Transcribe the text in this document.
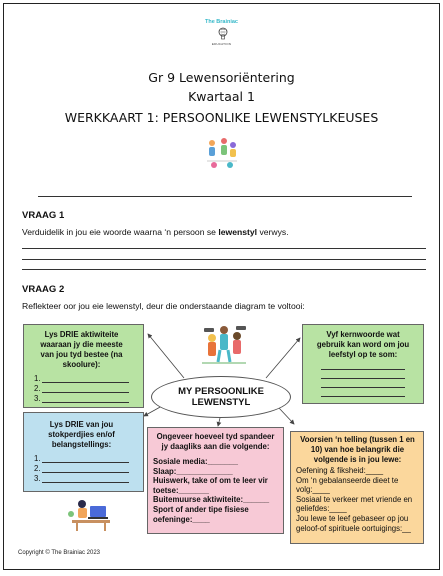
The Brainiac
EDUCATION
Gr 9 Lewensoriëntering
Kwartaal 1
WERKKAART 1: PERSOONLIKE LEWENSTYLKEUSES
VRAAG 1
Verduidelik in jou eie woorde waarna ‘n persoon se lewenstyl verwys.
VRAAG 2
Reflekteer oor jou eie lewenstyl, deur die onderstaande diagram te voltooi:
Lys DRIE aktiwiteite waaraan jy die meeste van jou tyd bestee (na skoolure):
1.
2.
3.
Vyf kernwoorde wat gebruik kan word om jou leefstyl op te som:
MY PERSOONLIKE
LEWENSTYL
Lys DRIE van jou stokperdjies en/of belangstellings:
1.
2.
3.
Ongeveer hoeveel tyd spandeer jy daagliks aan die volgende:
Sosiale media:_______
Slaap:_____________
Huiswerk, take of om te leer vir toetse:_______
Buitemuurse aktiwiteite:______
Sport of ander tipe fisiese oefeninge:____
Voorsien ‘n telling (tussen 1 en 10) van hoe belangrik die volgende is in jou lewe:
Oefening & fiksheid:____
Om ‘n gebalanseerde dieet te volg:____
Sosiaal te verkeer met vriende en geliefdes:____
Jou lewe te leef gebaseer op jou geloof-of spirituele oortuigings:__
Copyright © The Brainiac 2023
